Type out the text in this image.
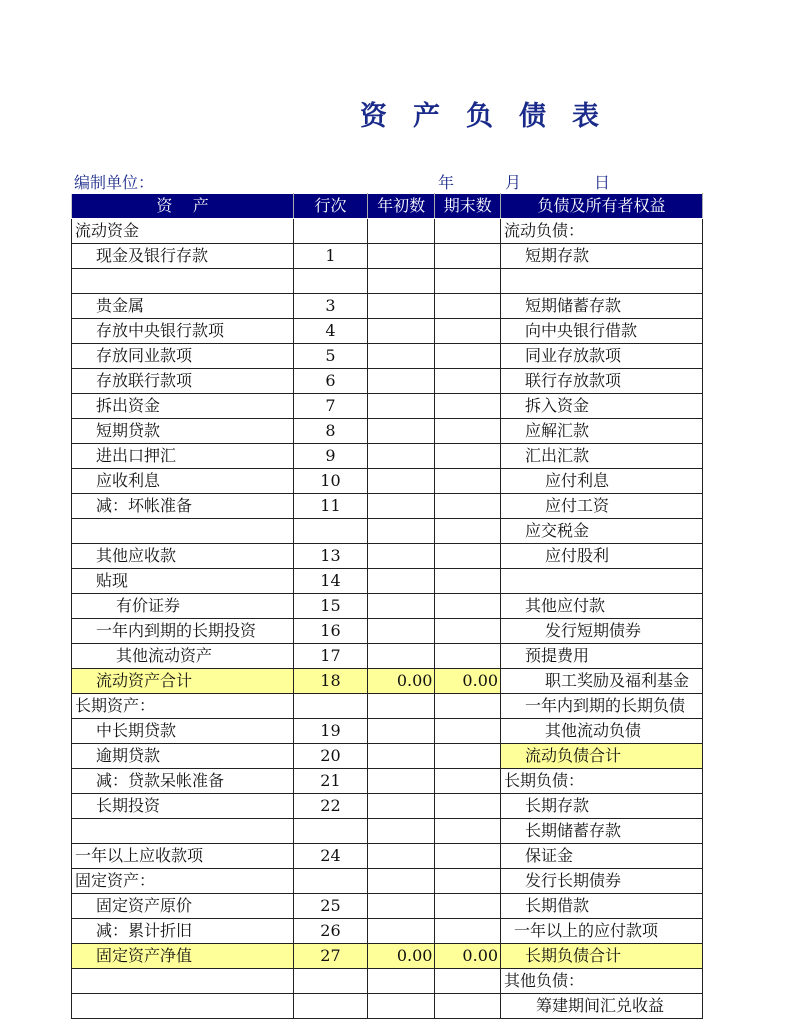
资 产 负 债 表
编制单位：	年	月	日
资    产	行次	年初数	期末数	负债及所有者权益
流动资金				流动负债：
现金及银行存款	1			短期存款

贵金属	3			短期储蓄存款
存放中央银行款项	4			向中央银行借款
存放同业款项	5			同业存放款项
存放联行款项	6			联行存放款项
拆出资金	7			拆入资金
短期贷款	8			应解汇款
进出口押汇	9			汇出汇款
应收利息	10			应付利息
减：坏帐准备	11			应付工资
				应交税金
其他应收款	13			应付股利
贴现	14			
有价证券	15			其他应付款
一年内到期的长期投资	16			发行短期债券
其他流动资产	17			预提费用
流动资产合计	18	0.00	0.00	职工奖励及福利基金
长期资产：				一年内到期的长期负债
中长期贷款	19			其他流动负债
逾期贷款	20			流动负债合计
减：贷款呆帐准备	21			长期负债：
长期投资	22			长期存款
				长期储蓄存款
一年以上应收款项	24			保证金
固定资产：				发行长期债券
固定资产原价	25			长期借款
减：累计折旧	26			一年以上的应付款项
固定资产净值	27	0.00	0.00	长期负债合计
				其他负债：
				筹建期间汇兑收益
